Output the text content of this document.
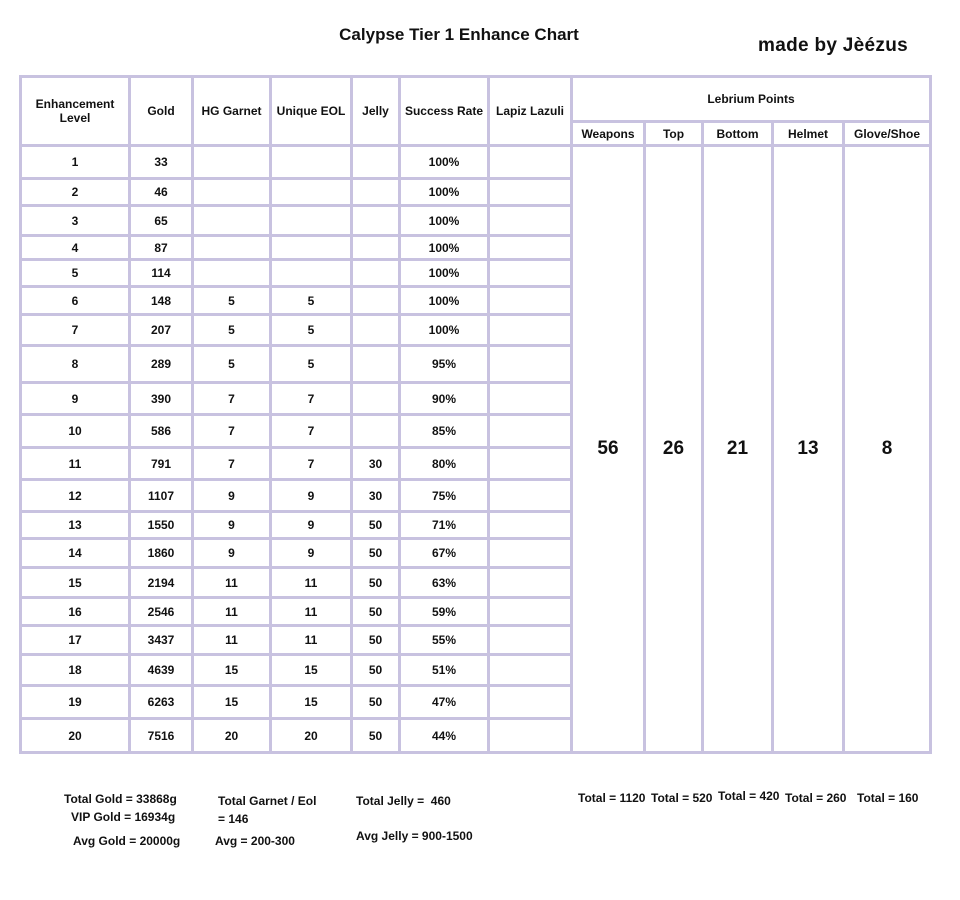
Calypse Tier 1 Enhance Chart
made by Jèézus
Enhancement Level	Gold	HG Garnet	Unique EOL	Jelly	Success Rate	Lapiz Lazuli	Lebrium Points				
							Weapons	Top	Bottom	Helmet	Glove/Shoe
1	33				100%		56	26	21	13	8
2	46				100%						
3	65				100%						
4	87				100%						
5	114				100%						
6	148	5	5		100%						
7	207	5	5		100%						
8	289	5	5		95%						
9	390	7	7		90%						
10	586	7	7		85%						
11	791	7	7	30	80%						
12	1107	9	9	30	75%						
13	1550	9	9	50	71%						
14	1860	9	9	50	67%						
15	2194	11	11	50	63%						
16	2546	11	11	50	59%						
17	3437	11	11	50	55%						
18	4639	15	15	50	51%						
19	6263	15	15	50	47%						
20	7516	20	20	50	44%						
Total Gold = 33868g
VIP Gold = 16934g
Avg Gold = 20000g
Total Garnet / Eol
= 146
Avg = 200-300
Total Jelly =  460
Avg Jelly = 900-1500
Total = 1120 Total = 520 Total = 420 Total = 260 Total = 160
